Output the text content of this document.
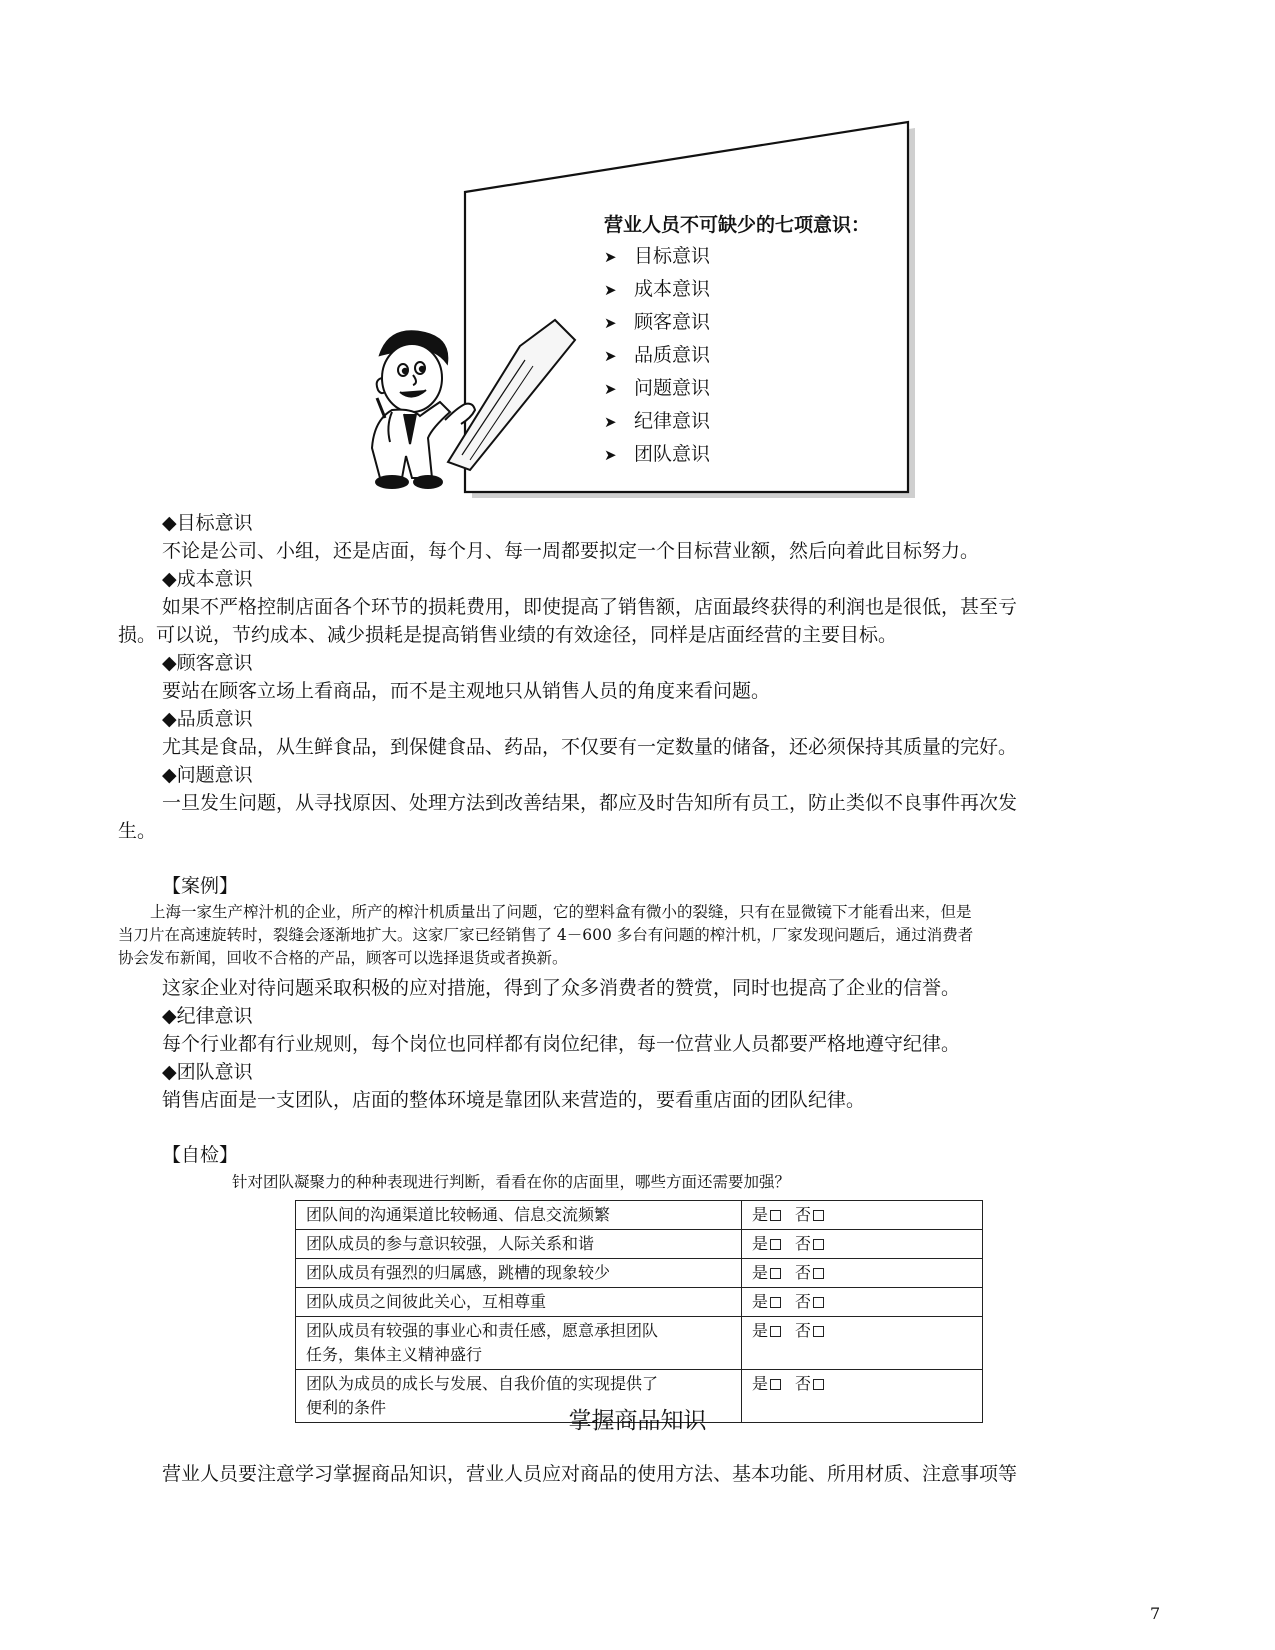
营业人员不可缺少的七项意识：
➤ 目标意识
➤ 成本意识
➤ 顾客意识
➤ 品质意识
➤ 问题意识
➤ 纪律意识
➤ 团队意识
◆目标意识
不论是公司、小组，还是店面，每个月、每一周都要拟定一个目标营业额，然后向着此目标努力。
◆成本意识
如果不严格控制店面各个环节的损耗费用，即使提高了销售额，店面最终获得的利润也是很低，甚至亏
损。可以说，节约成本、减少损耗是提高销售业绩的有效途径，同样是店面经营的主要目标。
◆顾客意识
要站在顾客立场上看商品，而不是主观地只从销售人员的角度来看问题。
◆品质意识
尤其是食品，从生鲜食品，到保健食品、药品，不仅要有一定数量的储备，还必须保持其质量的完好。
◆问题意识
一旦发生问题，从寻找原因、处理方法到改善结果，都应及时告知所有员工，防止类似不良事件再次发
生。
【案例】
上海一家生产榨汁机的企业，所产的榨汁机质量出了问题，它的塑料盒有微小的裂缝，只有在显微镜下才能看出来，但是
当刀片在高速旋转时，裂缝会逐渐地扩大。这家厂家已经销售了 4－600 多台有问题的榨汁机，厂家发现问题后，通过消费者
协会发布新闻，回收不合格的产品，顾客可以选择退货或者换新。
这家企业对待问题采取积极的应对措施，得到了众多消费者的赞赏，同时也提高了企业的信誉。
◆纪律意识
每个行业都有行业规则，每个岗位也同样都有岗位纪律，每一位营业人员都要严格地遵守纪律。
◆团队意识
销售店面是一支团队，店面的整体环境是靠团队来营造的，要看重店面的团队纪律。
【自检】
针对团队凝聚力的种种表现进行判断，看看在你的店面里，哪些方面还需要加强？
团队间的沟通渠道比较畅通、信息交流频繁	是 否
团队成员的参与意识较强，人际关系和谐	是 否
团队成员有强烈的归属感，跳槽的现象较少	是 否
团队成员之间彼此关心，互相尊重	是 否
团队成员有较强的事业心和责任感，愿意承担团队
任务，集体主义精神盛行	是 否
团队为成员的成长与发展、自我价值的实现提供了
便利的条件	是 否
掌握商品知识
营业人员要注意学习掌握商品知识，营业人员应对商品的使用方法、基本功能、所用材质、注意事项等
7
